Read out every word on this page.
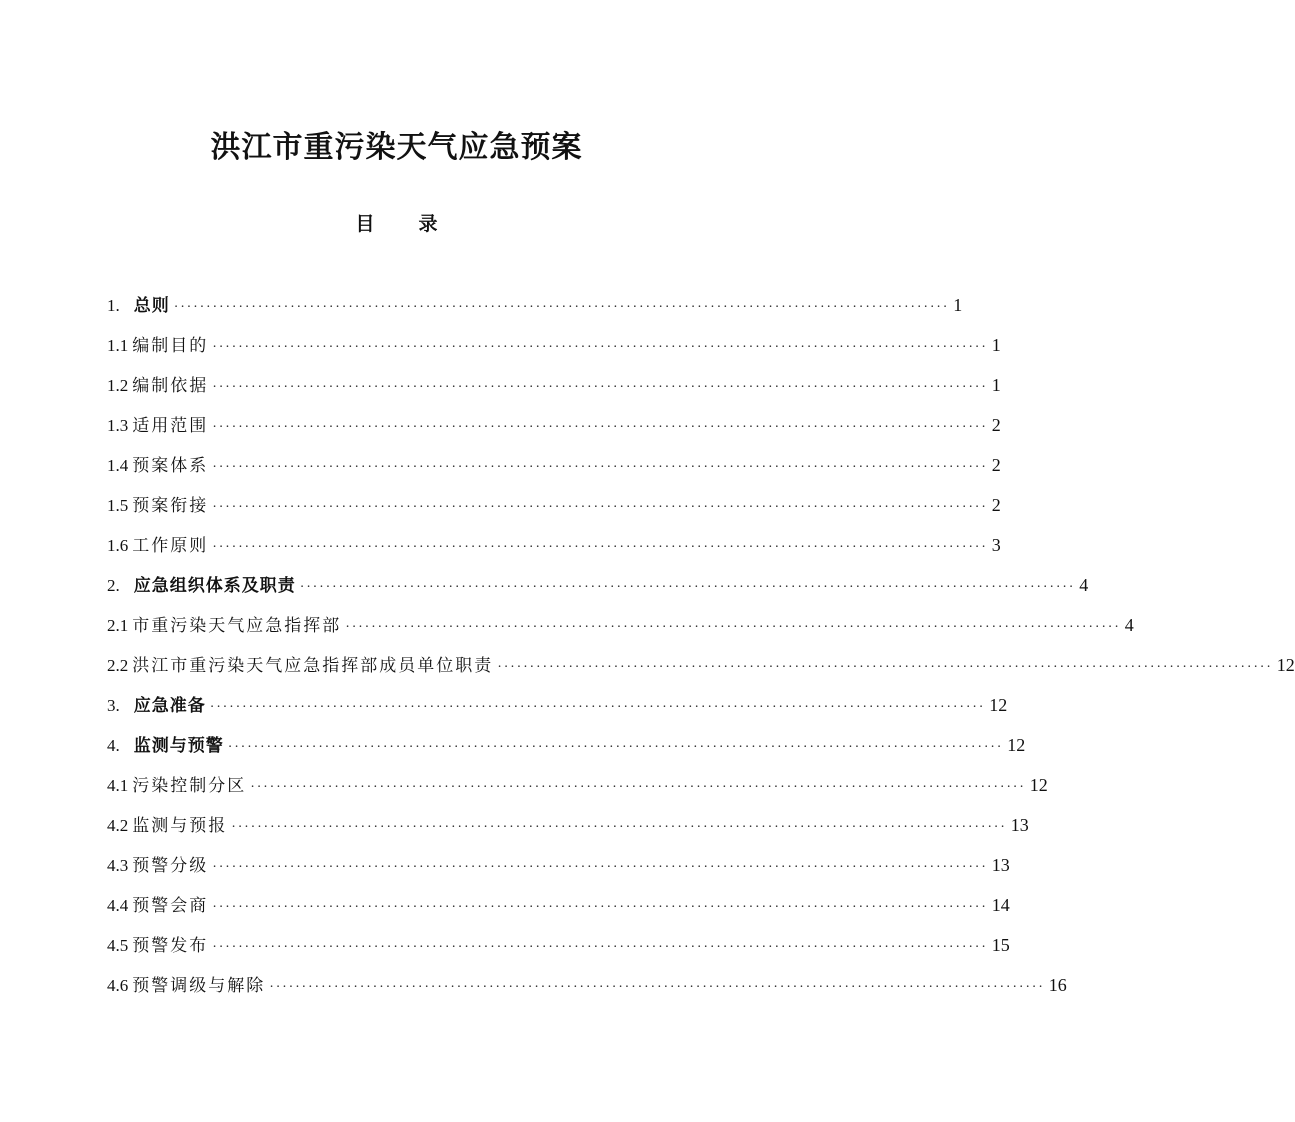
洪江市重污染天气应急预案
目 录
1. 总则 ························································································································ 1
1.1 编制目的 ························································································································ 1
1.2 编制依据 ························································································································ 1
1.3 适用范围 ························································································································ 2
1.4 预案体系 ························································································································ 2
1.5 预案衔接 ························································································································ 2
1.6 工作原则 ························································································································ 3
2. 应急组织体系及职责 ························································································································ 4
2.1 市重污染天气应急指挥部 ························································································································ 4
2.2 洪江市重污染天气应急指挥部成员单位职责 ························································································································ 12
3. 应急准备 ························································································································ 12
4. 监测与预警 ························································································································ 12
4.1 污染控制分区 ························································································································ 12
4.2 监测与预报 ························································································································ 13
4.3 预警分级 ························································································································ 13
4.4 预警会商 ························································································································ 14
4.5 预警发布 ························································································································ 15
4.6 预警调级与解除 ························································································································ 16
